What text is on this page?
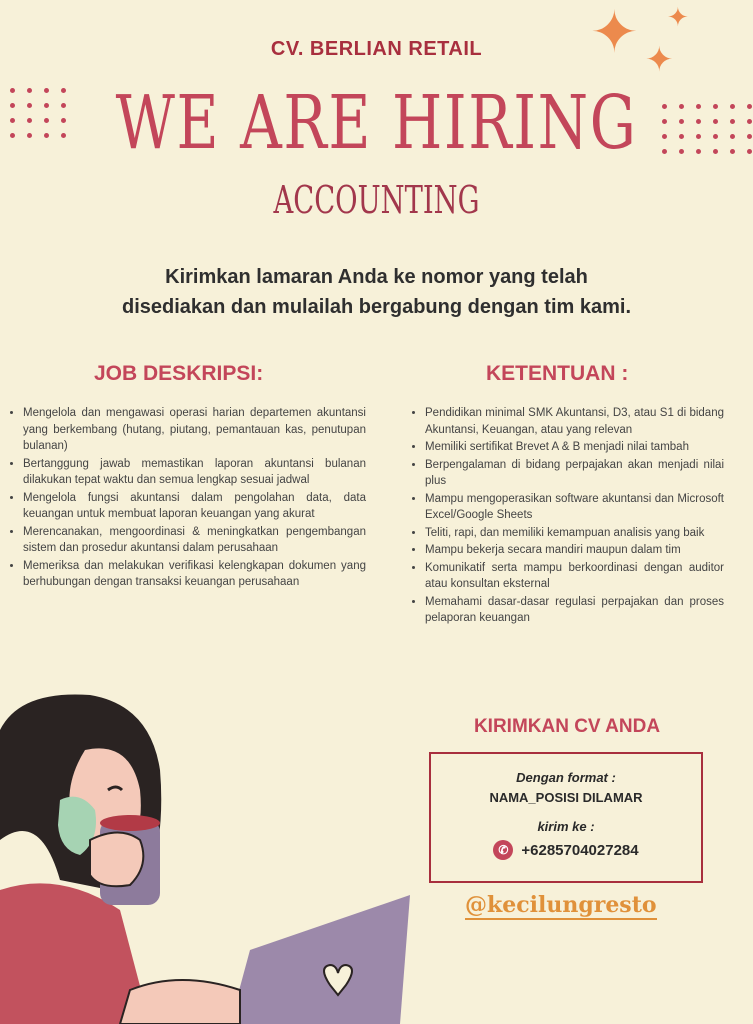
✦ ✦
✦
CV. BERLIAN RETAIL
WE ARE HIRING
ACCOUNTING
Kirimkan lamaran Anda ke nomor yang telah
disediakan dan mulailah bergabung dengan tim kami.
JOB DESKRIPSI:	KETENTUAN :
• Mengelola dan mengawasi operasi harian departemen akuntansi yang berkembang (hutang, piutang, pemantauan kas, penutupan bulanan)
• Bertanggung jawab memastikan laporan akuntansi bulanan dilakukan tepat waktu dan semua lengkap sesuai jadwal
• Mengelola fungsi akuntansi dalam pengolahan data, data keuangan untuk membuat laporan keuangan yang akurat
• Merencanakan, mengoordinasi & meningkatkan pengembangan sistem dan prosedur akuntansi dalam perusahaan
• Memeriksa dan melakukan verifikasi kelengkapan dokumen yang berhubungan dengan transaksi keuangan perusahaan
• Pendidikan minimal SMK Akuntansi, D3, atau S1 di bidang Akuntansi, Keuangan, atau yang relevan
• Memiliki sertifikat Brevet A & B menjadi nilai tambah
• Berpengalaman di bidang perpajakan akan menjadi nilai plus
• Mampu mengoperasikan software akuntansi dan Microsoft Excel/Google Sheets
• Teliti, rapi, dan memiliki kemampuan analisis yang baik
• Mampu bekerja secara mandiri maupun dalam tim
• Komunikatif serta mampu berkoordinasi dengan auditor atau konsultan eksternal
• Memahami dasar-dasar regulasi perpajakan dan proses pelaporan keuangan
KIRIMKAN CV ANDA
Dengan format :
NAMA_POSISI DILAMAR
kirim ke :
✆ +6285704027284
@kecilungresto
